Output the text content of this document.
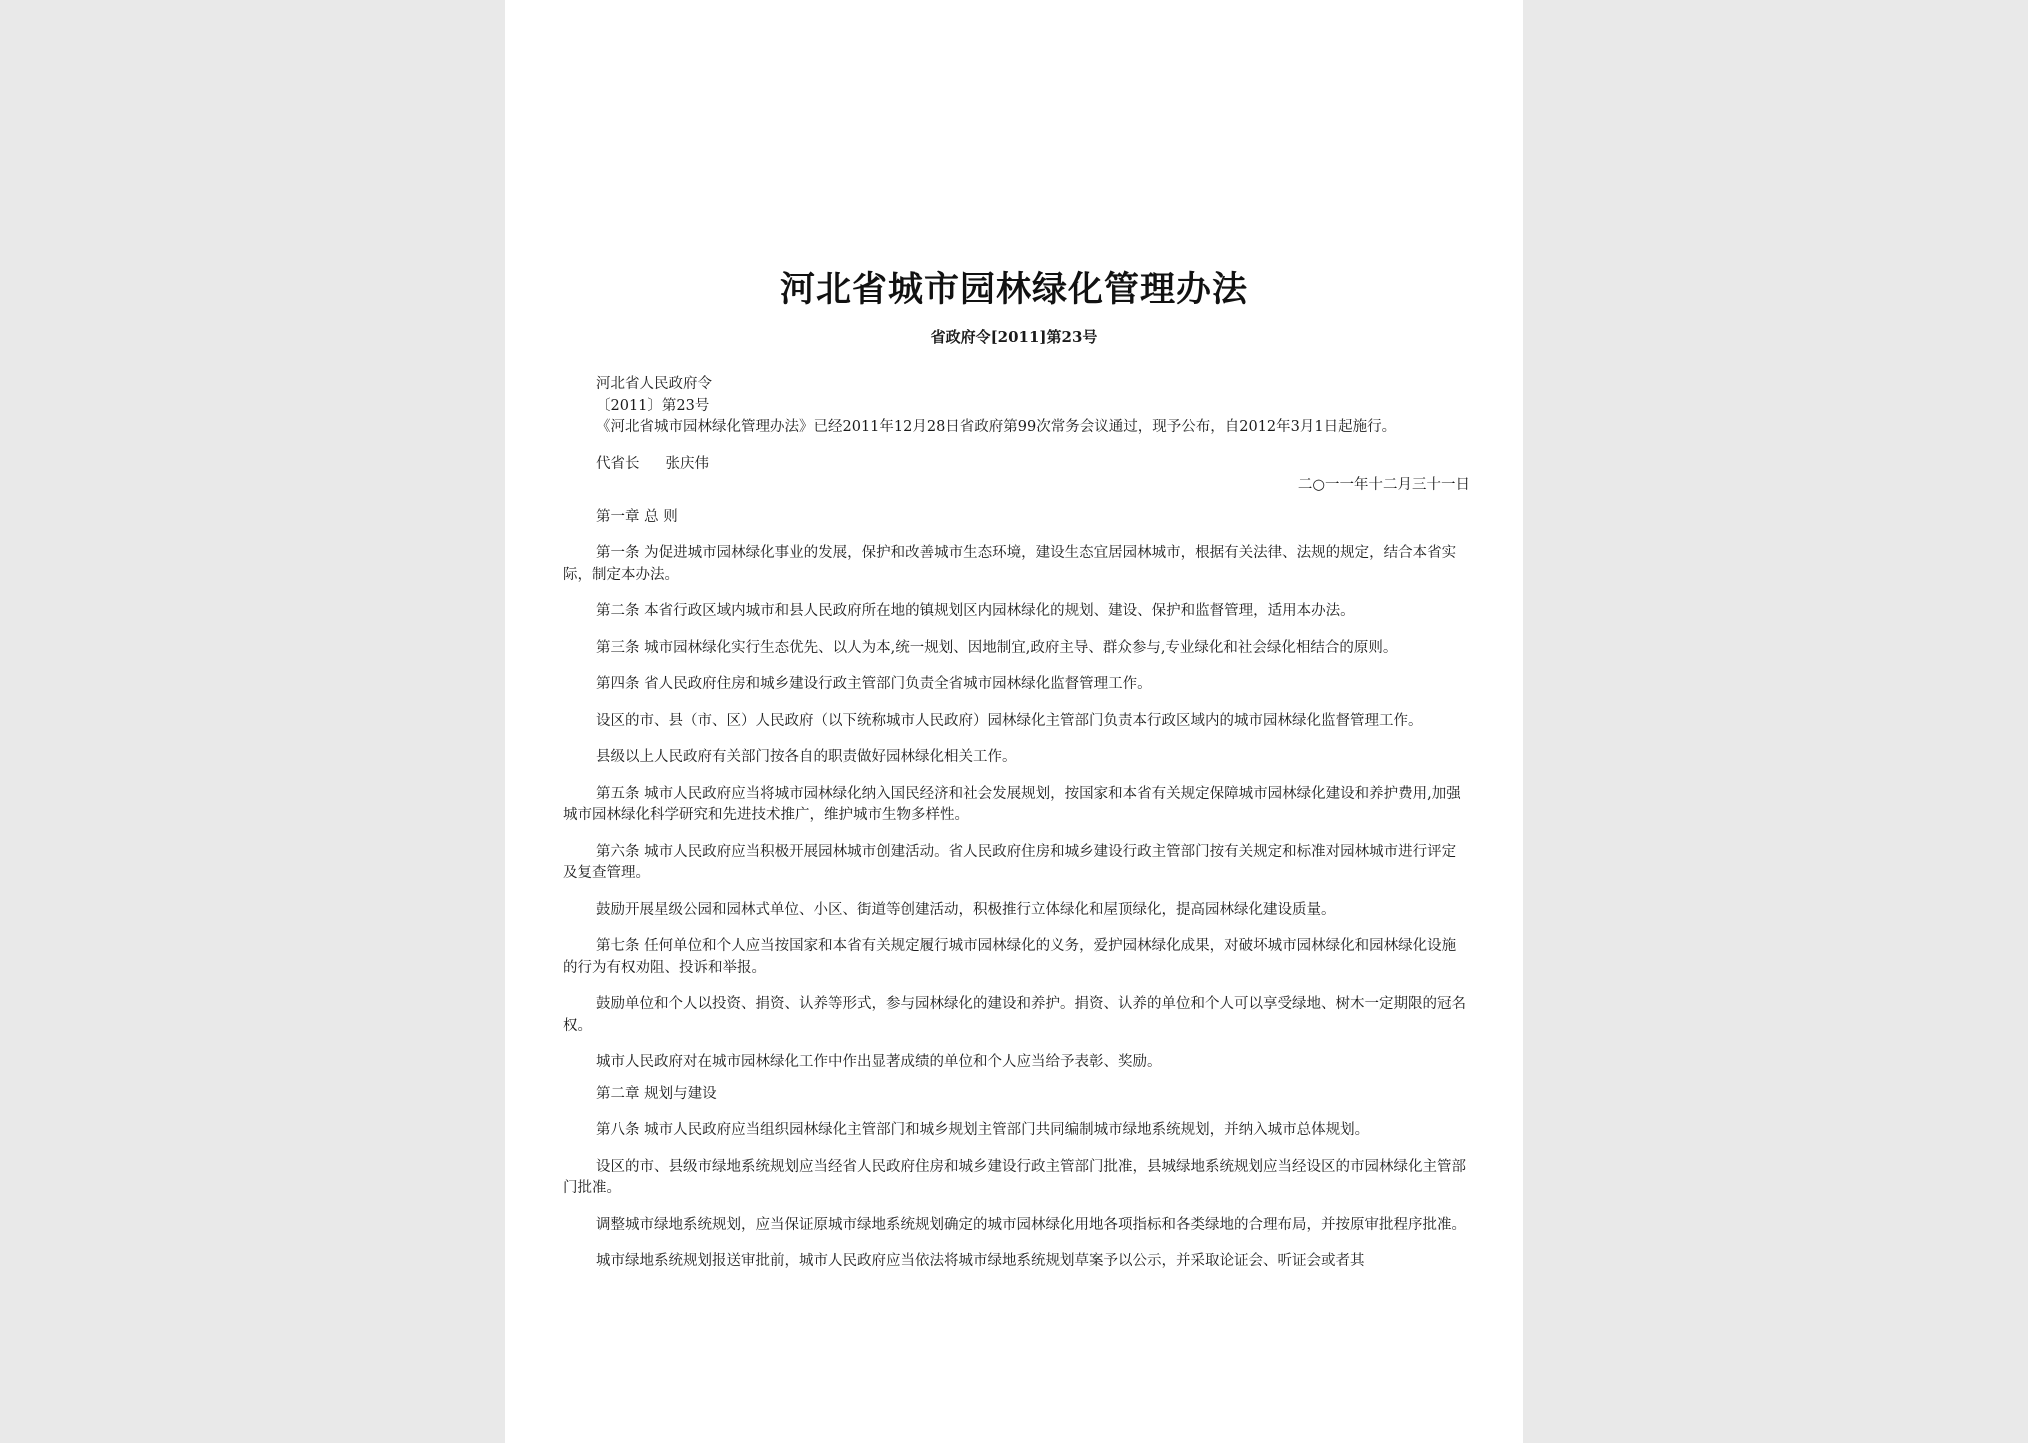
河北省城市园林绿化管理办法
省政府令[2011]第23号

河北省人民政府令

〔2011〕第23号

《河北省城市园林绿化管理办法》已经2011年12月28日省政府第99次常务会议通过，现予公布，自2012年3月1日起施行。

代省长 张庆伟

二○一一年十二月三十一日

第一章 总 则

第一条 为促进城市园林绿化事业的发展，保护和改善城市生态环境，建设生态宜居园林城市，根据有关法律、法规的规定，结合本省实际，制定本办法。

第二条 本省行政区域内城市和县人民政府所在地的镇规划区内园林绿化的规划、建设、保护和监督管理，适用本办法。

第三条 城市园林绿化实行生态优先、以人为本,统一规划、因地制宜,政府主导、群众参与,专业绿化和社会绿化相结合的原则。

第四条 省人民政府住房和城乡建设行政主管部门负责全省城市园林绿化监督管理工作。

设区的市、县（市、区）人民政府（以下统称城市人民政府）园林绿化主管部门负责本行政区域内的城市园林绿化监督管理工作。

县级以上人民政府有关部门按各自的职责做好园林绿化相关工作。

第五条 城市人民政府应当将城市园林绿化纳入国民经济和社会发展规划，按国家和本省有关规定保障城市园林绿化建设和养护费用,加强城市园林绿化科学研究和先进技术推广，维护城市生物多样性。

第六条 城市人民政府应当积极开展园林城市创建活动。省人民政府住房和城乡建设行政主管部门按有关规定和标准对园林城市进行评定及复查管理。

鼓励开展星级公园和园林式单位、小区、街道等创建活动，积极推行立体绿化和屋顶绿化，提高园林绿化建设质量。

第七条 任何单位和个人应当按国家和本省有关规定履行城市园林绿化的义务，爱护园林绿化成果，对破坏城市园林绿化和园林绿化设施的行为有权劝阻、投诉和举报。

鼓励单位和个人以投资、捐资、认养等形式，参与园林绿化的建设和养护。捐资、认养的单位和个人可以享受绿地、树木一定期限的冠名权。

城市人民政府对在城市园林绿化工作中作出显著成绩的单位和个人应当给予表彰、奖励。

第二章 规划与建设

第八条 城市人民政府应当组织园林绿化主管部门和城乡规划主管部门共同编制城市绿地系统规划，并纳入城市总体规划。

设区的市、县级市绿地系统规划应当经省人民政府住房和城乡建设行政主管部门批准，县城绿地系统规划应当经设区的市园林绿化主管部门批准。

调整城市绿地系统规划，应当保证原城市绿地系统规划确定的城市园林绿化用地各项指标和各类绿地的合理布局，并按原审批程序批准。

城市绿地系统规划报送审批前，城市人民政府应当依法将城市绿地系统规划草案予以公示，并采取论证会、听证会或者其
